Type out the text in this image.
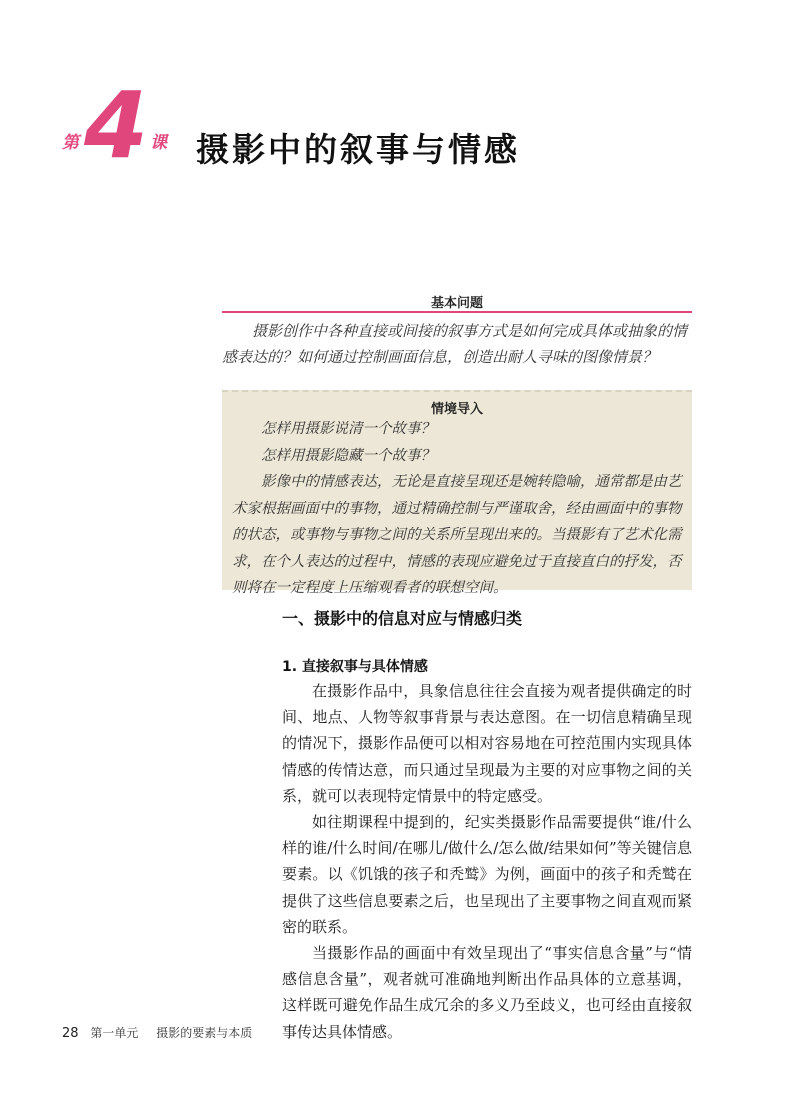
第 4 课 摄影中的叙事与情感
基本问题

摄影创作中各种直接或间接的叙事方式是如何完成具体或抽象的情感表达的？如何通过控制画面信息，创造出耐人寻味的图像情景？

情境导入

怎样用摄影说清一个故事？

怎样用摄影隐藏一个故事？

影像中的情感表达，无论是直接呈现还是婉转隐喻，通常都是由艺术家根据画面中的事物，通过精确控制与严谨取舍，经由画面中的事物的状态，或事物与事物之间的关系所呈现出来的。当摄影有了艺术化需求，在个人表达的过程中，情感的表现应避免过于直接直白的抒发，否则将在一定程度上压缩观看者的联想空间。

一、摄影中的信息对应与情感归类
1. 直接叙事与具体情感

在摄影作品中，具象信息往往会直接为观者提供确定的时间、地点、人物等叙事背景与表达意图。在一切信息精确呈现的情况下，摄影作品便可以相对容易地在可控范围内实现具体情感的传情达意，而只通过呈现最为主要的对应事物之间的关系，就可以表现特定情景中的特定感受。

如往期课程中提到的，纪实类摄影作品需要提供“谁/什么样的谁/什么时间/在哪儿/做什么/怎么做/结果如何”等关键信息要素。以《饥饿的孩子和秃鹫》为例，画面中的孩子和秃鹫在提供了这些信息要素之后，也呈现出了主要事物之间直观而紧密的联系。

当摄影作品的画面中有效呈现出了“事实信息含量”与“情感信息含量”，观者就可准确地判断出作品具体的立意基调，这样既可避免作品生成冗余的多义乃至歧义，也可经由直接叙事传达具体情感。

28 第一单元 摄影的要素与本质
